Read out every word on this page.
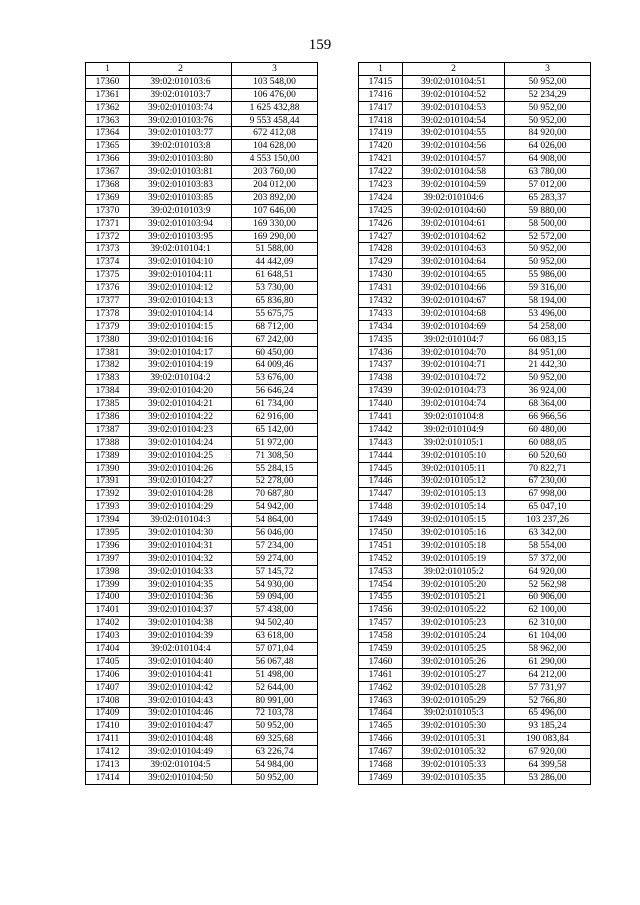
159
1	2	3
17360	39:02:010103:6	103 548,00
17361	39:02:010103:7	106 476,00
17362	39:02:010103:74	1 625 432,88
17363	39:02:010103:76	9 553 458,44
17364	39:02:010103:77	672 412,08
17365	39:02:010103:8	104 628,00
17366	39:02:010103:80	4 553 150,00
17367	39:02:010103:81	203 760,00
17368	39:02:010103:83	204 012,00
17369	39:02:010103:85	203 892,00
17370	39:02:010103:9	107 646,00
17371	39:02:010103:94	169 330,00
17372	39:02:010103:95	169 290,00
17373	39:02:010104:1	51 588,00
17374	39:02:010104:10	44 442,09
17375	39:02:010104:11	61 648,51
17376	39:02:010104:12	53 730,00
17377	39:02:010104:13	65 836,80
17378	39:02:010104:14	55 675,75
17379	39:02:010104:15	68 712,00
17380	39:02:010104:16	67 242,00
17381	39:02:010104:17	60 450,00
17382	39:02:010104:19	64 009,46
17383	39:02:010104:2	53 676,00
17384	39:02:010104:20	56 646,24
17385	39:02:010104:21	61 734,00
17386	39:02:010104:22	62 916,00
17387	39:02:010104:23	65 142,00
17388	39:02:010104:24	51 972,00
17389	39:02:010104:25	71 308,50
17390	39:02:010104:26	55 284,15
17391	39:02:010104:27	52 278,00
17392	39:02:010104:28	70 687,80
17393	39:02:010104:29	54 942,00
17394	39:02:010104:3	54 864,00
17395	39:02:010104:30	56 046,00
17396	39:02:010104:31	57 234,00
17397	39:02:010104:32	59 274,00
17398	39:02:010104:33	57 145,72
17399	39:02:010104:35	54 930,00
17400	39:02:010104:36	59 094,00
17401	39:02:010104:37	57 438,00
17402	39:02:010104:38	94 502,40
17403	39:02:010104:39	63 618,00
17404	39:02:010104:4	57 071,04
17405	39:02:010104:40	56 067,48
17406	39:02:010104:41	51 498,00
17407	39:02:010104:42	52 644,00
17408	39:02:010104:43	80 991,00
17409	39:02:010104:46	72 103,78
17410	39:02:010104:47	50 952,00
17411	39:02:010104:48	69 325,68
17412	39:02:010104:49	63 226,74
17413	39:02:010104:5	54 984,00
17414	39:02:010104:50	50 952,00
1	2	3
17415	39:02:010104:51	50 952,00
17416	39:02:010104:52	52 234,29
17417	39:02:010104:53	50 952,00
17418	39:02:010104:54	50 952,00
17419	39:02:010104:55	84 920,00
17420	39:02:010104:56	64 026,00
17421	39:02:010104:57	64 908,00
17422	39:02:010104:58	63 780,00
17423	39:02:010104:59	57 012,00
17424	39:02:010104:6	65 283,37
17425	39:02:010104:60	59 880,00
17426	39:02:010104:61	58 500,00
17427	39:02:010104:62	52 572,00
17428	39:02:010104:63	50 952,00
17429	39:02:010104:64	50 952,00
17430	39:02:010104:65	55 986,00
17431	39:02:010104:66	59 316,00
17432	39:02:010104:67	58 194,00
17433	39:02:010104:68	53 496,00
17434	39:02:010104:69	54 258,00
17435	39:02:010104:7	66 083,15
17436	39:02:010104:70	84 951,00
17437	39:02:010104:71	21 442,30
17438	39:02:010104:72	50 952,00
17439	39:02:010104:73	36 924,00
17440	39:02:010104:74	68 364,00
17441	39:02:010104:8	66 966,56
17442	39:02:010104:9	60 480,00
17443	39:02:010105:1	60 088,05
17444	39:02:010105:10	60 520,60
17445	39:02:010105:11	70 822,71
17446	39:02:010105:12	67 230,00
17447	39:02:010105:13	67 998,00
17448	39:02:010105:14	65 047,10
17449	39:02:010105:15	103 237,26
17450	39:02:010105:16	63 342,00
17451	39:02:010105:18	58 554,00
17452	39:02:010105:19	57 372,00
17453	39:02:010105:2	64 920,00
17454	39:02:010105:20	52 562,98
17455	39:02:010105:21	60 906,00
17456	39:02:010105:22	62 100,00
17457	39:02:010105:23	62 310,00
17458	39:02:010105:24	61 104,00
17459	39:02:010105:25	58 962,00
17460	39:02:010105:26	61 290,00
17461	39:02:010105:27	64 212,00
17462	39:02:010105:28	57 731,97
17463	39:02:010105:29	52 766,80
17464	39:02:010105:3	65 496,00
17465	39:02:010105:30	93 185,24
17466	39:02:010105:31	190 083,84
17467	39:02:010105:32	67 920,00
17468	39:02:010105:33	64 399,58
17469	39:02:010105:35	53 286,00
